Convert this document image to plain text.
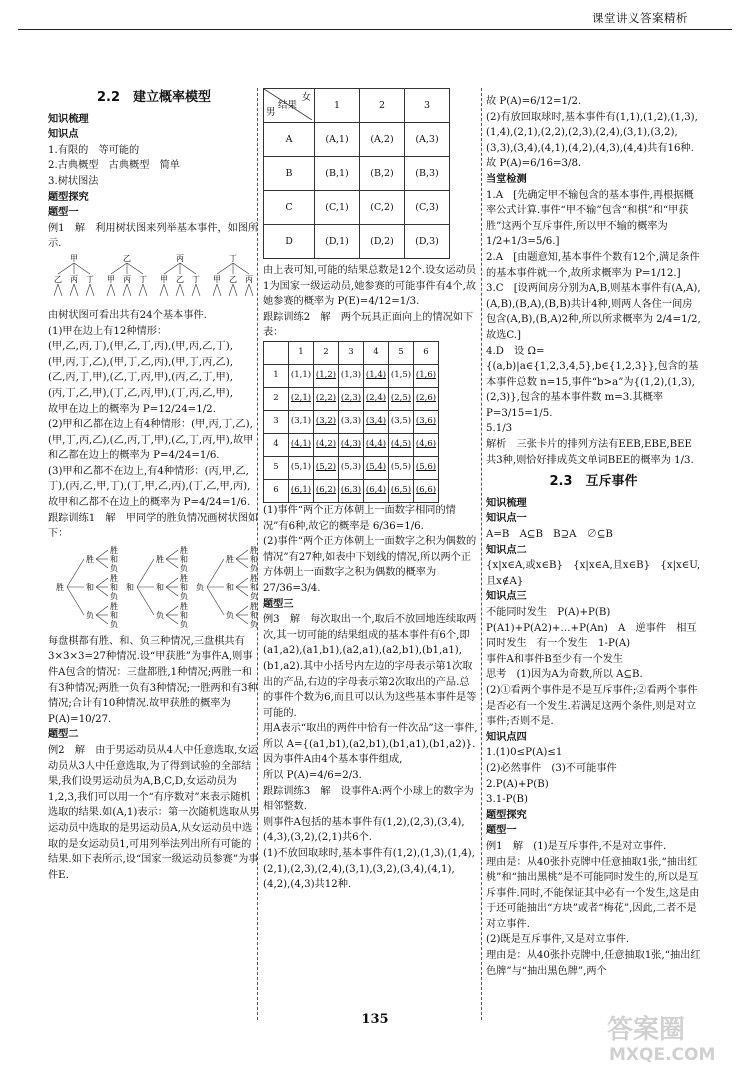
课堂讲义答案精析
2.2　建立概率模型

知识梳理

知识点

1.有限的　等可能的

2.古典概型　古典概型　简单

3.树状图法

题型探究

题型一

例1　解　利用树状图来列举基本事件，如图所示.

甲
乙 丙 丁
乙
甲 丙 丁
丙
甲 乙 丁
丁
甲 乙 丙

由树状图可看出共有24个基本事件.

(1)甲在边上有12种情形：

(甲,乙,丙,丁),(甲,乙,丁,丙),(甲,丙,乙,丁),

(甲,丙,丁,乙),(甲,丁,乙,丙),(甲,丁,丙,乙),

(乙,丙,丁,甲),(乙,丁,丙,甲),(丙,乙,丁,甲),

(丙,丁,乙,甲),(丁,乙,丙,甲),(丁,丙,乙,甲),

故甲在边上的概率为 P=12/24=1/2.

(2)甲和乙都在边上有4种情形：(甲,丙,丁,乙),(甲,丁,丙,乙),(乙,丙,丁,甲),(乙,丁,丙,甲),故甲和乙都在边上的概率为 P=4/24=1/6.

(3)甲和乙都不在边上,有4种情形：(丙,甲,乙,丁),(丙,乙,甲,丁),(丁,甲,乙,丙),(丁,乙,甲,丙),故甲和乙都不在边上的概率为 P=4/24=1/6.

跟踪训练1　解　甲同学的胜负情况画树状图如下：

胜
胜
胜
和
负
和
胜
和
负
负
胜
和
负
和
胜
胜
和
负
和
胜
和
负
负
胜
和
负
负
胜
胜
和
负
和
胜
和
负
负
胜
和
负

每盘棋都有胜、和、负三种情况,三盘棋共有3×3×3=27种情况.设“甲获胜”为事件A,则事件A包含的情况：三盘都胜,1种情况;两胜一和有3种情况;两胜一负有3种情况;一胜两和有3种情况;合计有10种情况.故甲获胜的概率为 P(A)=10/27.

题型二

例2　解　由于男运动员从4人中任意选取,女运动员从3人中任意选取,为了得到试验的全部结果,我们设男运动员为A,B,C,D,女运动员为1,2,3,我们可以用一个“有序数对”来表示随机选取的结果.如(A,1)表示：第一次随机选取从男运动员中选取的是男运动员A,从女运动员中选取的是女运动员1,可用列举法列出所有可能的结果.如下表所示,设“国家一级运动员参赛”为事件E.

女
结果
男	1	2	3
A	(A,1)	(A,2)	(A,3)
B	(B,1)	(B,2)	(B,3)
C	(C,1)	(C,2)	(C,3)
D	(D,1)	(D,2)	(D,3)

由上表可知,可能的结果总数是12个.设女运动员1为国家一级运动员,她参赛的可能事件有4个,故她参赛的概率为 P(E)=4/12=1/3.

跟踪训练2　解　两个玩具正面向上的情况如下表：

	1	2	3	4	5	6
1	(1,1)	(1,2)	(1,3)	(1,4)	(1,5)	(1,6)
2	(2,1)	(2,2)	(2,3)	(2,4)	(2,5)	(2,6)
3	(3,1)	(3,2)	(3,3)	(3,4)	(3,5)	(3,6)
4	(4,1)	(4,2)	(4,3)	(4,4)	(4,5)	(4,6)
5	(5,1)	(5,2)	(5,3)	(5,4)	(5,5)	(5,6)
6	(6,1)	(6,2)	(6,3)	(6,4)	(6,5)	(6,6)

(1)事件“两个正方体朝上一面数字相同的情况”有6种,故它的概率是 6/36=1/6.

(2)事件“两个正方体朝上一面数字之积为偶数的情况”有27种,如表中下划线的情况,所以两个正方体朝上一面数字之积为偶数的概率为 27/36=3/4.

题型三

例3　解　每次取出一个,取后不放回地连续取两次,其一切可能的结果组成的基本事件有6个,即(a1,a2),(a1,b1),(a2,a1),(a2,b1),(b1,a1),(b1,a2).其中小括号内左边的字母表示第1次取出的产品,右边的字母表示第2次取出的产品.总的事件个数为6,而且可以认为这些基本事件是等可能的.

用A表示“取出的两件中恰有一件次品”这一事件,所以 A={(a1,b1),(a2,b1),(b1,a1),(b1,a2)}.

因为事件A由4个基本事件组成,

所以 P(A)=4/6=2/3.

跟踪训练3　解　设事件A:两个小球上的数字为相邻整数.

则事件A包括的基本事件有(1,2),(2,3),(3,4),(4,3),(3,2),(2,1)共6个.

(1)不放回取球时,基本事件有(1,2),(1,3),(1,4),(2,1),(2,3),(2,4),(3,1),(3,2),(3,4),(4,1),(4,2),(4,3)共12种.

故 P(A)=6/12=1/2.

(2)有放回取球时,基本事件有(1,1),(1,2),(1,3),(1,4),(2,1),(2,2),(2,3),(2,4),(3,1),(3,2),(3,3),(3,4),(4,1),(4,2),(4,3),(4,4)共有16种.

故 P(A)=6/16=3/8.

当堂检测

1.A　[先确定甲不输包含的基本事件,再根据概率公式计算.事件“甲不输”包含“和棋”和“甲获胜”这两个互斥事件,所以甲不输的概率为 1/2+1/3=5/6.]

2.A　[由题意知,基本事件个数有12个,满足条件的基本事件就一个,故所求概率为 P=1/12.]

3.C　[设两间房分别为A,B,则基本事件有(A,A),(A,B),(B,A),(B,B)共计4种,则两人各住一间房包含(A,B),(B,A)2种,所以所求概率为 2/4=1/2,故选C.]

4.D　设 Ω={(a,b)|a∈{1,2,3,4,5},b∈{1,2,3}},包含的基本事件总数 n=15,事件“b>a”为{(1,2),(1,3),(2,3)},包含的基本事件数 m=3.其概率 P=3/15=1/5.

5.1/3

解析　三张卡片的排列方法有EEB,EBE,BEE共3种,则恰好排成英文单词BEE的概率为 1/3.

2.3　互斥事件

知识梳理

知识点一

A=B　A⊆B　B⊇A　∅⊆B

知识点二

{x|x∈A,或x∈B}　{x|x∈A,且x∈B}　{x|x∈U,且x∉A}

知识点三

不能同时发生　P(A)+P(B)

P(A1)+P(A2)+…+P(An)　A　逆事件　相互　同时发生　有一个发生　1-P(A)

事件A和事件B至少有一个发生

思考　(1)因为A为奇数,所以 A⊆B.

(2)①看两个事件是不是互斥事件;②看两个事件是否必有一个发生.若满足这两个条件,则是对立事件;否则不是.

知识点四

1.(1)0≤P(A)≤1

(2)必然事件　(3)不可能事件

2.P(A)+P(B)

3.1-P(B)

题型探究

题型一

例1　解　(1)是互斥事件,不是对立事件.

理由是：从40张扑克牌中任意抽取1张,“抽出红桃”和“抽出黑桃”是不可能同时发生的,所以是互斥事件.同时,不能保证其中必有一个发生,这是由于还可能抽出“方块”或者“梅花”,因此,二者不是对立事件.

(2)既是互斥事件,又是对立事件.

理由是：从40张扑克牌中,任意抽取1张,“抽出红色牌”与“抽出黑色牌”,两个

135	答案圈
MXQE.COM
